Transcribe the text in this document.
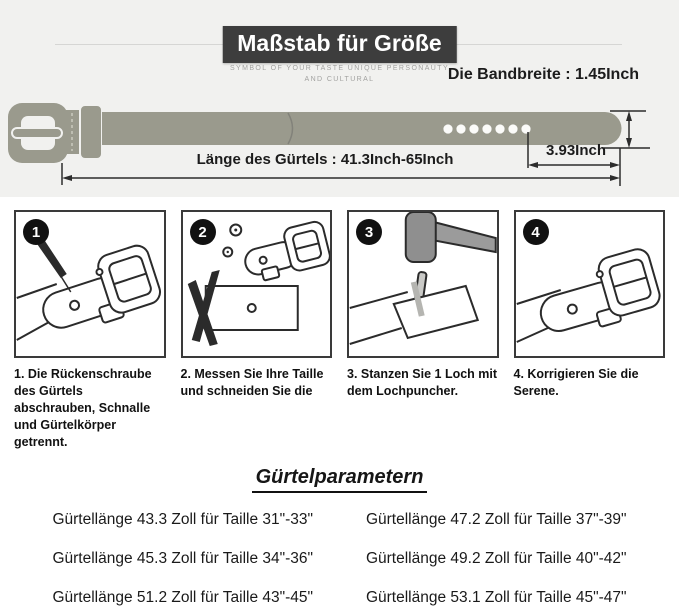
Maßstab für Größe
SYMBOL OF YOUR TASTE UNIQUE PERSONAUTY
AND CULTURAL	Die Bandbreite : 1.45Inch
Länge des Gürtels : 41.3Inch-65Inch
3.93Inch
1	2	3	4
1. Die Rückenschraube des Gürtels abschrauben, Schnalle und Gürtelkörper getrennt.
2. Messen Sie Ihre Taille und schneiden Sie die
3. Stanzen Sie 1 Loch mit dem Lochpuncher.
4. Korrigieren Sie die Serene.
Gürtelparametern
Gürtellänge 43.3 Zoll für Taille 31"-33"	Gürtellänge 47.2 Zoll für Taille 37"-39"
Gürtellänge 45.3 Zoll für Taille 34"-36"	Gürtellänge 49.2 Zoll für Taille 40"-42"
Gürtellänge 51.2 Zoll für Taille 43"-45"	Gürtellänge 53.1 Zoll für Taille 45"-47"
